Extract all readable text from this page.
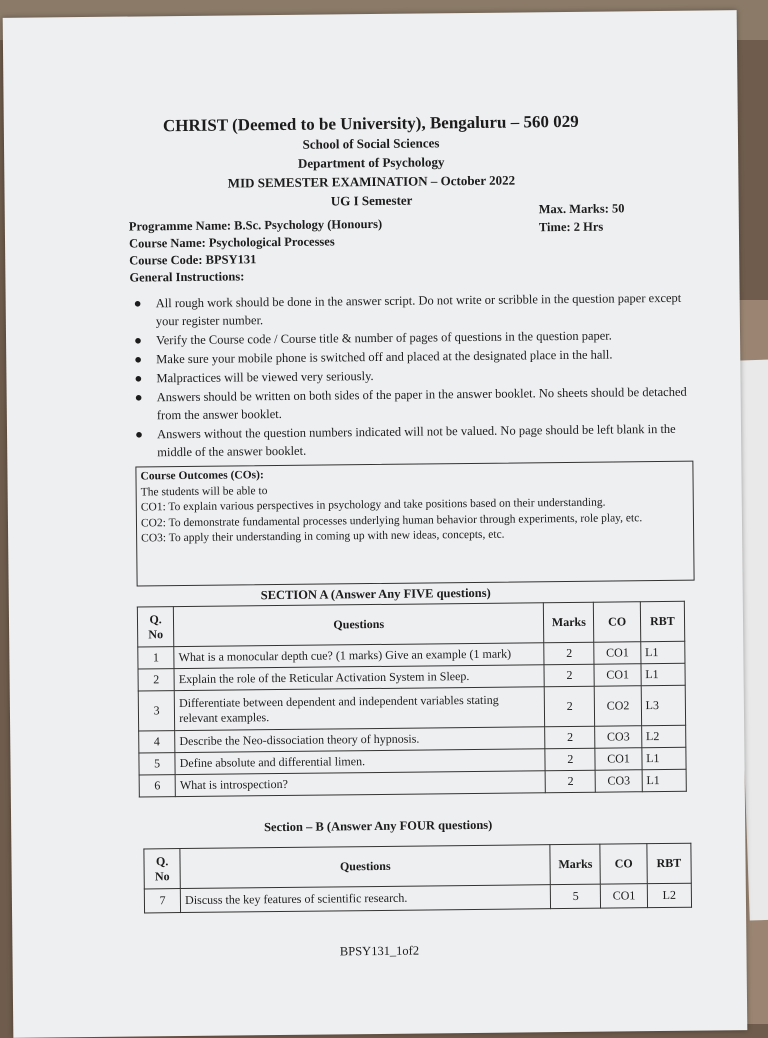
CHRIST (Deemed to be University), Bengaluru – 560 029
School of Social Sciences
Department of Psychology
MID SEMESTER EXAMINATION – October 2022
UG I Semester
Programme Name: B.Sc. Psychology (Honours)
Course Name: Psychological Processes
Course Code: BPSY131
General Instructions:
Max. Marks: 50
Time: 2 Hrs
● All rough work should be done in the answer script. Do not write or scribble in the question paper except your register number.
● Verify the Course code / Course title & number of pages of questions in the question paper.
● Make sure your mobile phone is switched off and placed at the designated place in the hall.
● Malpractices will be viewed very seriously.
● Answers should be written on both sides of the paper in the answer booklet. No sheets should be detached from the answer booklet.
● Answers without the question numbers indicated will not be valued. No page should be left blank in the middle of the answer booklet.
Course Outcomes (COs):
The students will be able to
CO1: To explain various perspectives in psychology and take positions based on their understanding.
CO2: To demonstrate fundamental processes underlying human behavior through experiments, role play, etc.
CO3: To apply their understanding in coming up with new ideas, concepts, etc.
SECTION A (Answer Any FIVE questions)
Q. No	Questions	Marks	CO	RBT
1	What is a monocular depth cue? (1 marks) Give an example (1 mark)	2	CO1	L1
2	Explain the role of the Reticular Activation System in Sleep.	2	CO1	L1
3	Differentiate between dependent and independent variables stating relevant examples.	2	CO2	L3
4	Describe the Neo-dissociation theory of hypnosis.	2	CO3	L2
5	Define absolute and differential limen.	2	CO1	L1
6	What is introspection?	2	CO3	L1
Section – B (Answer Any FOUR questions)
Q. No	Questions	Marks	CO	RBT
7	Discuss the key features of scientific research.	5	CO1	L2
BPSY131_1of2
